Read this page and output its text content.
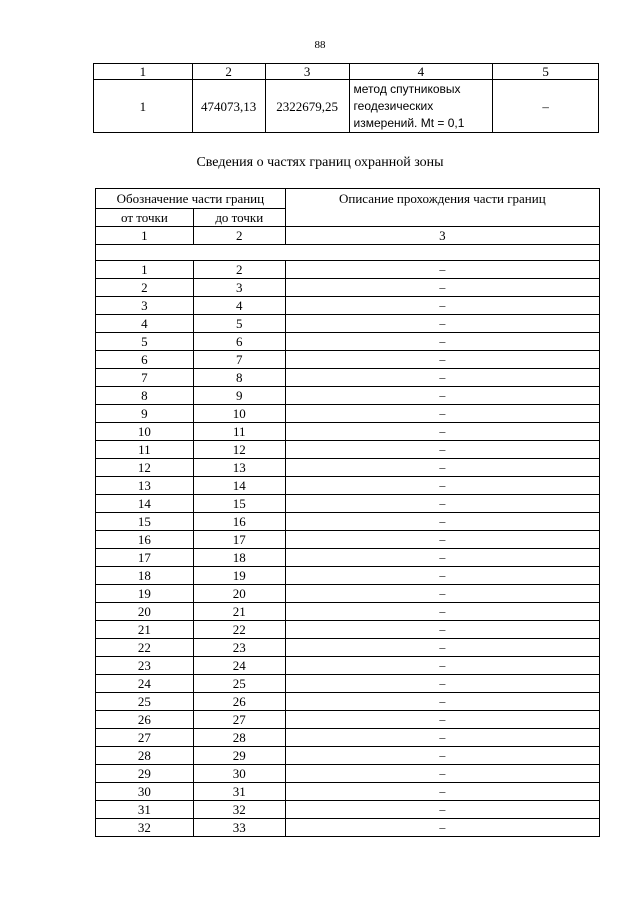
88
1	2	3	4	5
1	474073,13	2322679,25	метод спутниковых
геодезических
измерений. Mt = 0,1	–
Сведения о частях границ охранной зоны
Обозначение части границ		Описание прохождения части границ
от точки	до точки	
1	2	3

1	2	–
2	3	–
3	4	–
4	5	–
5	6	–
6	7	–
7	8	–
8	9	–
9	10	–
10	11	–
11	12	–
12	13	–
13	14	–
14	15	–
15	16	–
16	17	–
17	18	–
18	19	–
19	20	–
20	21	–
21	22	–
22	23	–
23	24	–
24	25	–
25	26	–
26	27	–
27	28	–
28	29	–
29	30	–
30	31	–
31	32	–
32	33	–
